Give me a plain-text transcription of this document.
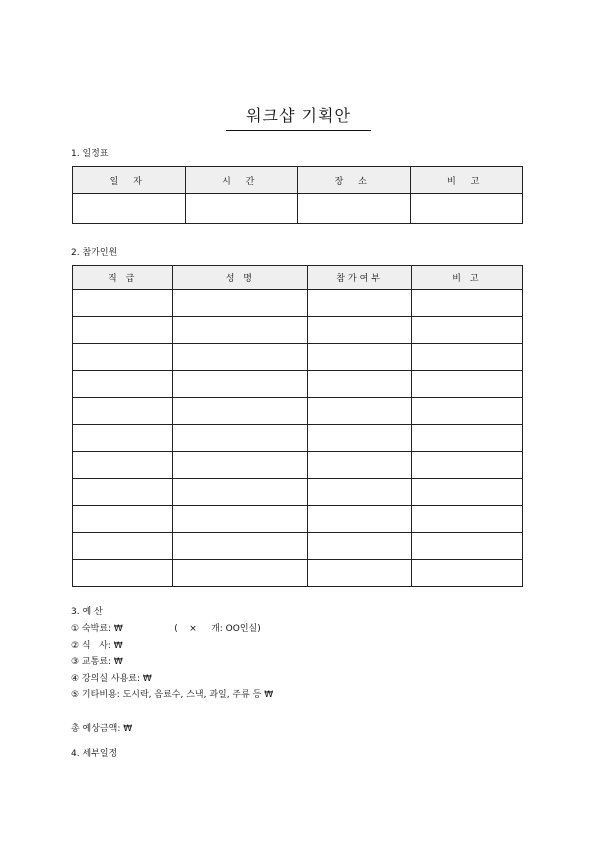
워크샵 기획안
1. 일정표
일 자	시 간	장 소	비 고

2. 참가인원
직 급	성 명	참가여부	비 고

3. 예 산
① 숙박료: ₩                  (    ×     개: OO인실)
② 식   사: ₩
③ 교통료: ₩
④ 강의실 사용료: ₩
⑤ 기타비용: 도시락, 음료수, 스낵, 과일, 주류 등 ₩
총 예상금액: ₩
4. 세부일정
